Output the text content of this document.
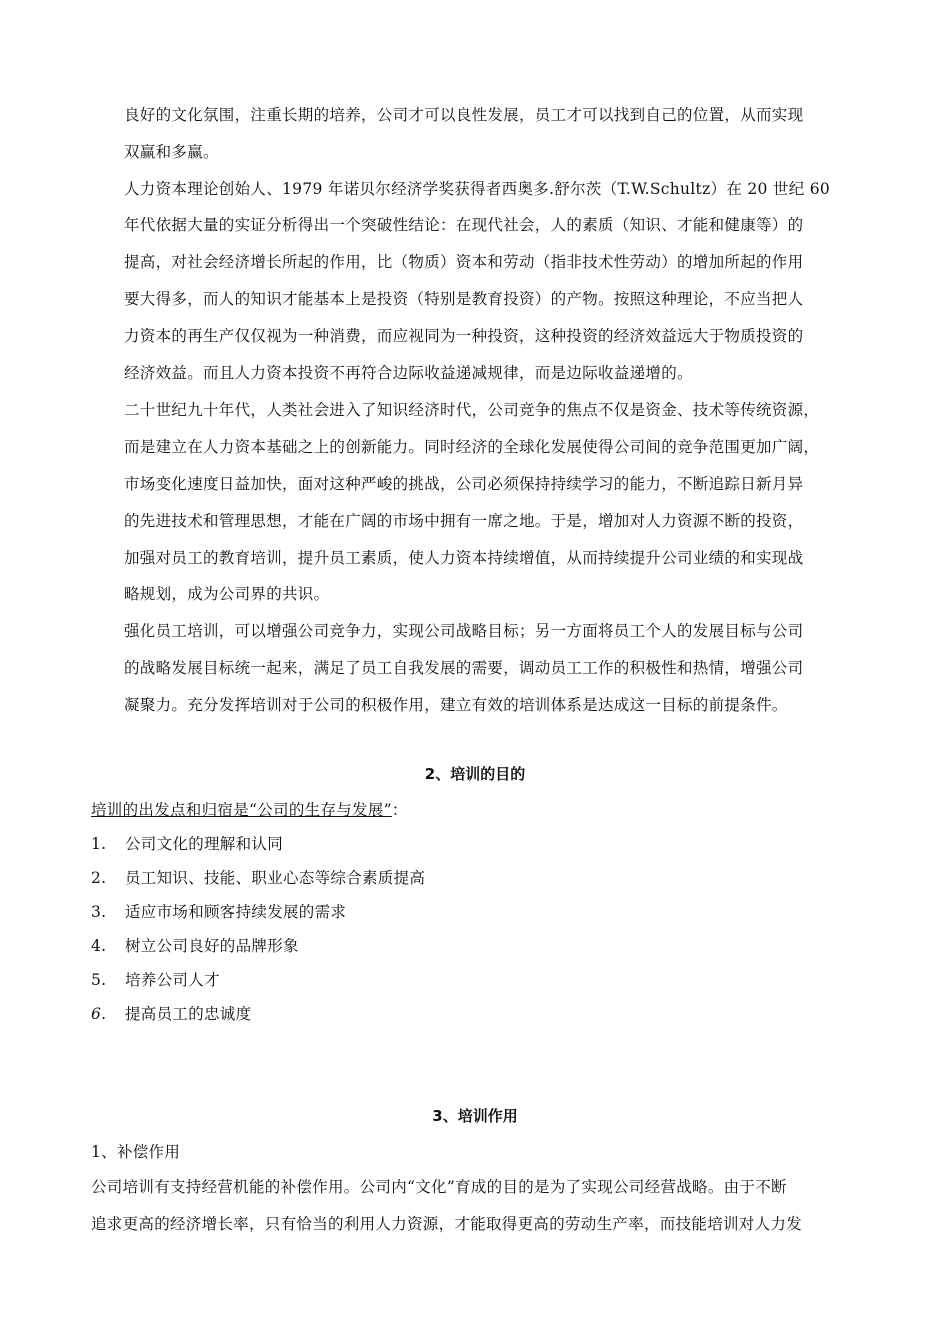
良好的文化氛围，注重长期的培养，公司才可以良性发展，员工才可以找到自己的位置，从而实现
双赢和多赢。
人力资本理论创始人、1979 年诺贝尔经济学奖获得者西奥多.舒尔茨（T.W.Schultz）在 20 世纪 60
年代依据大量的实证分析得出一个突破性结论：在现代社会，人的素质（知识、才能和健康等）的
提高，对社会经济增长所起的作用，比（物质）资本和劳动（指非技术性劳动）的增加所起的作用
要大得多，而人的知识才能基本上是投资（特别是教育投资）的产物。按照这种理论，不应当把人
力资本的再生产仅仅视为一种消费，而应视同为一种投资，这种投资的经济效益远大于物质投资的
经济效益。而且人力资本投资不再符合边际收益递减规律，而是边际收益递增的。
二十世纪九十年代，人类社会进入了知识经济时代，公司竞争的焦点不仅是资金、技术等传统资源，
而是建立在人力资本基础之上的创新能力。同时经济的全球化发展使得公司间的竞争范围更加广阔，
市场变化速度日益加快，面对这种严峻的挑战，公司必须保持持续学习的能力，不断追踪日新月异
的先进技术和管理思想，才能在广阔的市场中拥有一席之地。于是，增加对人力资源不断的投资，
加强对员工的教育培训，提升员工素质，使人力资本持续增值，从而持续提升公司业绩的和实现战
略规划，成为公司界的共识。
强化员工培训，可以增强公司竞争力，实现公司战略目标；另一方面将员工个人的发展目标与公司
的战略发展目标统一起来，满足了员工自我发展的需要，调动员工工作的积极性和热情，增强公司
凝聚力。充分发挥培训对于公司的积极作用，建立有效的培训体系是达成这一目标的前提条件。
2、培训的目的
培训的出发点和归宿是“公司的生存与发展”：
1. 公司文化的理解和认同
2. 员工知识、技能、职业心态等综合素质提高
3. 适应市场和顾客持续发展的需求
4. 树立公司良好的品牌形象
5. 培养公司人才
6. 提高员工的忠诚度
3、培训作用
1、补偿作用
公司培训有支持经营机能的补偿作用。公司内“文化”育成的目的是为了实现公司经营战略。由于不断
追求更高的经济增长率，只有恰当的利用人力资源，才能取得更高的劳动生产率，而技能培训对人力发
